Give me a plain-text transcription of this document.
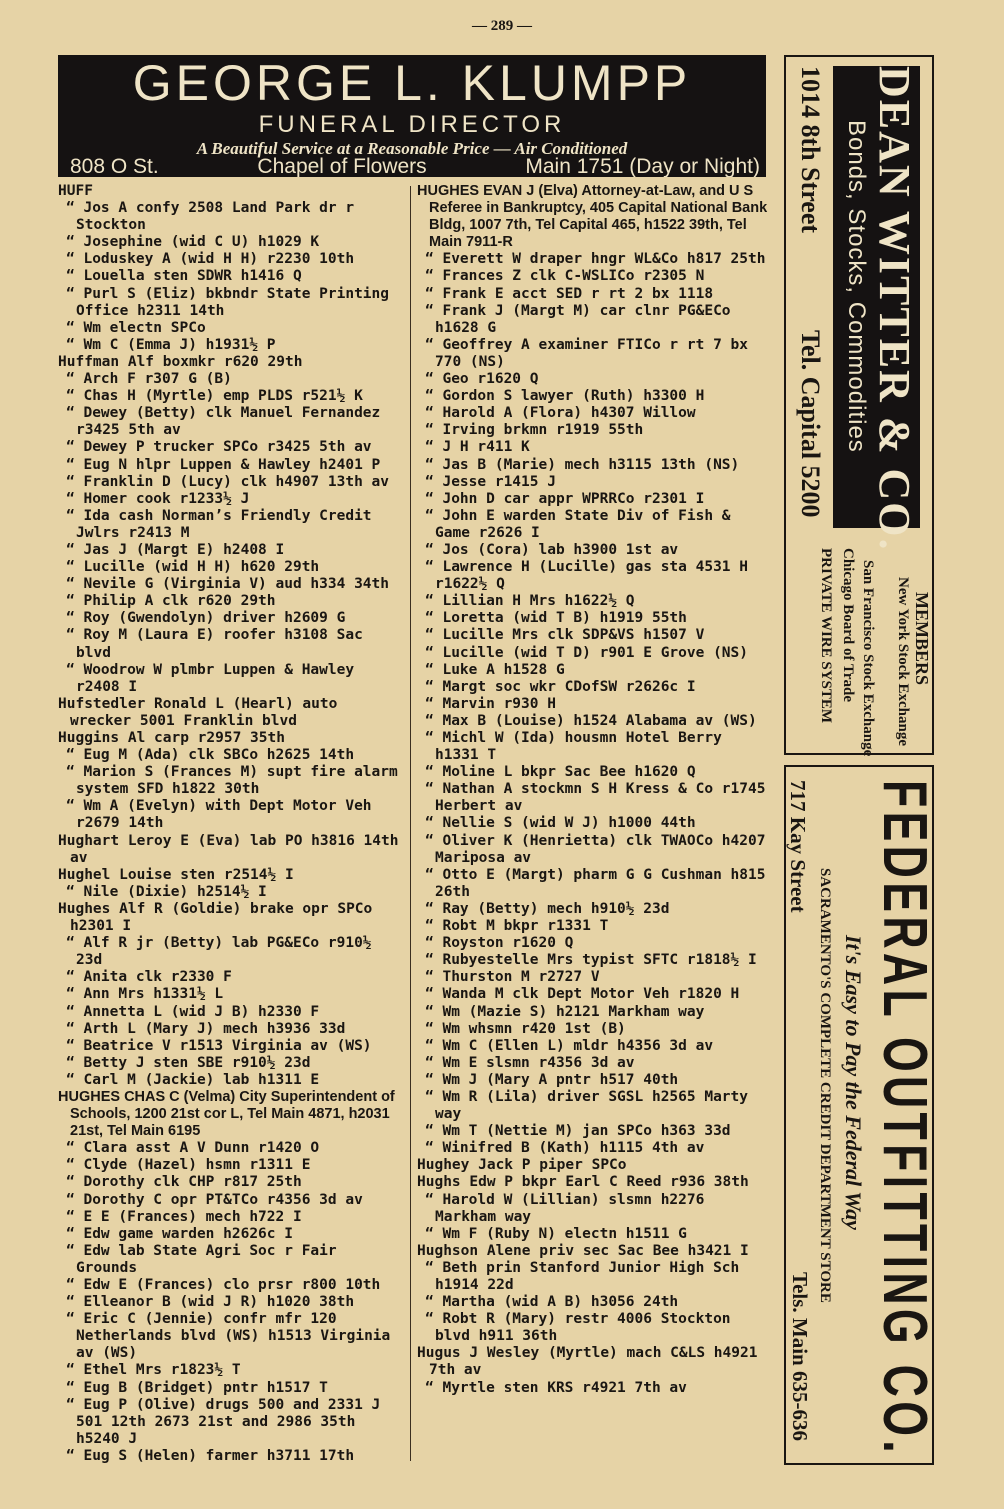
— 289 —
GEORGE L. KLUMPP
FUNERAL DIRECTOR
A Beautiful Service at a Reasonable Price — Air Conditioned
808 O St.	Chapel of Flowers	Main 1751 (Day or Night)
HUFF
“ Jos A confy 2508 Land Park dr r Stockton
“ Josephine (wid C U) h1029 K
“ Loduskey A (wid H H) r2230 10th
“ Louella sten SDWR h1416 Q
“ Purl S (Eliz) bkbndr State Printing Office h2311 14th
“ Wm electn SPCo
“ Wm C (Emma J) h1931½ P
Huffman Alf boxmkr r620 29th
“ Arch F r307 G (B)
“ Chas H (Myrtle) emp PLDS r521½ K
“ Dewey (Betty) clk Manuel Fernandez r3425 5th av
“ Dewey P trucker SPCo r3425 5th av
“ Eug N hlpr Luppen & Hawley h2401 P
“ Franklin D (Lucy) clk h4907 13th av
“ Homer cook r1233½ J
“ Ida cash Norman’s Friendly Credit Jwlrs r2413 M
“ Jas J (Margt E) h2408 I
“ Lucille (wid H H) h620 29th
“ Nevile G (Virginia V) aud h334 34th
“ Philip A clk r620 29th
“ Roy (Gwendolyn) driver h2609 G
“ Roy M (Laura E) roofer h3108 Sac blvd
“ Woodrow W plmbr Luppen & Hawley r2408 I
Hufstedler Ronald L (Hearl) auto wrecker 5001 Franklin blvd
Huggins Al carp r2957 35th
“ Eug M (Ada) clk SBCo h2625 14th
“ Marion S (Frances M) supt fire alarm system SFD h1822 30th
“ Wm A (Evelyn) with Dept Motor Veh r2679 14th
Hughart Leroy E (Eva) lab PO h3816 14th av
Hughel Louise sten r2514½ I
“ Nile (Dixie) h2514½ I
Hughes Alf R (Goldie) brake opr SPCo h2301 I
“ Alf R jr (Betty) lab PG&ECo r910½ 23d
“ Anita clk r2330 F
“ Ann Mrs h1331½ L
“ Annetta L (wid J B) h2330 F
“ Arth L (Mary J) mech h3936 33d
“ Beatrice V r1513 Virginia av (WS)
“ Betty J sten SBE r910½ 23d
“ Carl M (Jackie) lab h1311 E
HUGHES CHAS C (Velma) City Superintendent of Schools, 1200 21st cor L, Tel Main 4871, h2031 21st, Tel Main 6195
“ Clara asst A V Dunn r1420 O
“ Clyde (Hazel) hsmn r1311 E
“ Dorothy clk CHP r817 25th
“ Dorothy C opr PT&TCo r4356 3d av
“ E E (Frances) mech h722 I
“ Edw game warden h2626c I
“ Edw lab State Agri Soc r Fair Grounds
“ Edw E (Frances) clo prsr r800 10th
“ Elleanor B (wid J R) h1020 38th
“ Eric C (Jennie) confr mfr 120 Netherlands blvd (WS) h1513 Virginia av (WS)
“ Ethel Mrs r1823½ T
“ Eug B (Bridget) pntr h1517 T
“ Eug P (Olive) drugs 500 and 2331 J 501 12th 2673 21st and 2986 35th h5240 J
“ Eug S (Helen) farmer h3711 17th
HUGHES EVAN J (Elva) Attorney-at-Law, and U S Referee in Bankruptcy, 405 Capital National Bank Bldg, 1007 7th, Tel Capital 465, h1522 39th, Tel Main 7911-R
“ Everett W draper hngr WL&Co h817 25th
“ Frances Z clk C-WSLICo r2305 N
“ Frank E acct SED r rt 2 bx 1118
“ Frank J (Margt M) car clnr PG&ECo h1628 G
“ Geoffrey A examiner FTICo r rt 7 bx 770 (NS)
“ Geo r1620 Q
“ Gordon S lawyer (Ruth) h3300 H
“ Harold A (Flora) h4307 Willow
“ Irving brkmn r1919 55th
“ J H r411 K
“ Jas B (Marie) mech h3115 13th (NS)
“ Jesse r1415 J
“ John D car appr WPRRCo r2301 I
“ John E warden State Div of Fish & Game r2626 I
“ Jos (Cora) lab h3900 1st av
“ Lawrence H (Lucille) gas sta 4531 H r1622½ Q
“ Lillian H Mrs h1622½ Q
“ Loretta (wid T B) h1919 55th
“ Lucille Mrs clk SDP&VS h1507 V
“ Lucille (wid T D) r901 E Grove (NS)
“ Luke A h1528 G
“ Margt soc wkr CDofSW r2626c I
“ Marvin r930 H
“ Max B (Louise) h1524 Alabama av (WS)
“ Michl W (Ida) housmn Hotel Berry h1331 T
“ Moline L bkpr Sac Bee h1620 Q
“ Nathan A stockmn S H Kress & Co r1745 Herbert av
“ Nellie S (wid W J) h1000 44th
“ Oliver K (Henrietta) clk TWAOCo h4207 Mariposa av
“ Otto E (Margt) pharm G G Cushman h815 26th
“ Ray (Betty) mech h910½ 23d
“ Robt M bkpr r1331 T
“ Royston r1620 Q
“ Rubyestelle Mrs typist SFTC r1818½ I
“ Thurston M r2727 V
“ Wanda M clk Dept Motor Veh r1820 H
“ Wm (Mazie S) h2121 Markham way
“ Wm whsmn r420 1st (B)
“ Wm C (Ellen L) mldr h4356 3d av
“ Wm E slsmn r4356 3d av
“ Wm J (Mary A pntr h517 40th
“ Wm R (Lila) driver SGSL h2565 Marty way
“ Wm T (Nettie M) jan SPCo h363 33d
“ Winifred B (Kath) h1115 4th av
Hughey Jack P piper SPCo
Hughs Edw P bkpr Earl C Reed r936 38th
“ Harold W (Lillian) slsmn h2276 Markham way
“ Wm F (Ruby N) electn h1511 G
Hughson Alene priv sec Sac Bee h3421 I
“ Beth prin Stanford Junior High Sch h1914 22d
“ Martha (wid A B) h3056 24th
“ Robt R (Mary) restr 4006 Stockton blvd h911 36th
Hugus J Wesley (Myrtle) mach C&LS h4921 7th av
“ Myrtle sten KRS r4921 7th av
DEAN WITTER & CO.
Bonds, Stocks, Commodities
1014 8th Street
Tel. Capital 5200
MEMBERS
New York Stock Exchange
San Francisco Stock Exchange
Chicago Board of Trade
PRIVATE WIRE SYSTEM
FEDERAL OUTFITTING CO.
It's Easy to Pay the Federal Way
717 Kay Street
SACRAMENTO'S COMPLETE CREDIT DEPARTMENT STORE
Tels. Main 635-636
